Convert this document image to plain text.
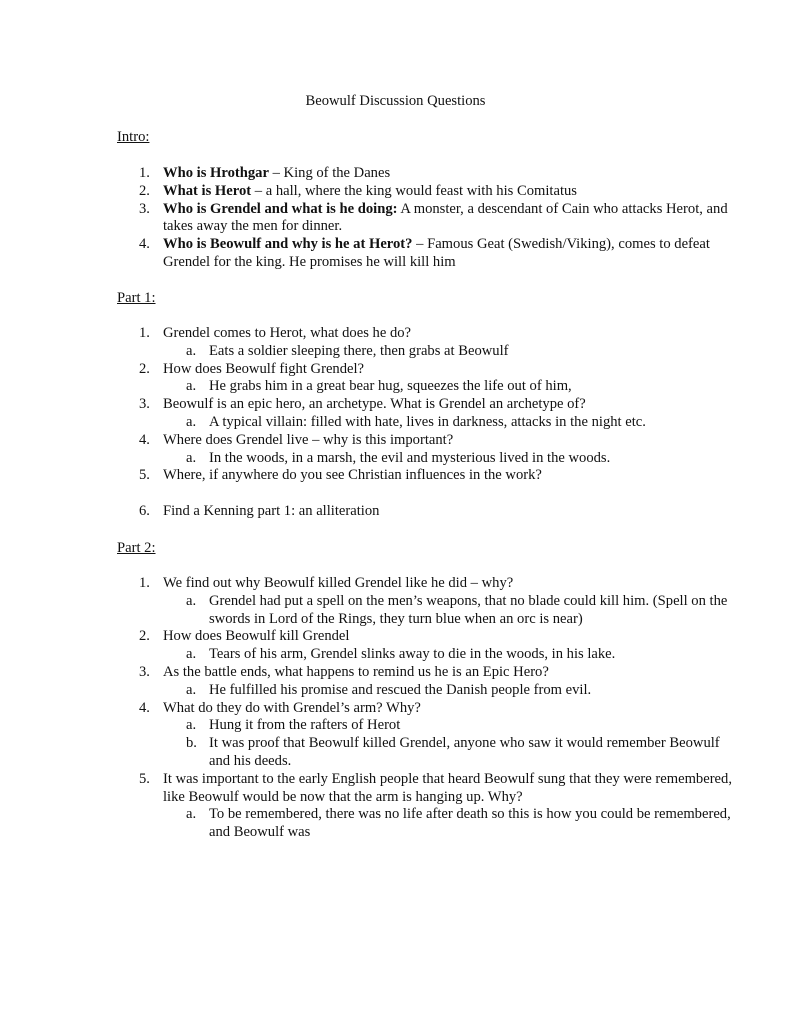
Beowulf Discussion Questions
Intro:
1. Who is Hrothgar – King of the Danes
2. What is Herot – a hall, where the king would feast with his Comitatus
3. Who is Grendel and what is he doing: A monster, a descendant of Cain who attacks Herot, and takes away the men for dinner.
4. Who is Beowulf and why is he at Herot? – Famous Geat (Swedish/Viking), comes to defeat Grendel for the king. He promises he will kill him
Part 1:
1. Grendel comes to Herot, what does he do?
a. Eats a soldier sleeping there, then grabs at Beowulf
2. How does Beowulf fight Grendel?
a. He grabs him in a great bear hug, squeezes the life out of him,
3. Beowulf is an epic hero, an archetype. What is Grendel an archetype of?
a. A typical villain: filled with hate, lives in darkness, attacks in the night etc.
4. Where does Grendel live – why is this important?
a. In the woods, in a marsh, the evil and mysterious lived in the woods.
5. Where, if anywhere do you see Christian influences in the work?
6. Find a Kenning part 1: an alliteration
Part 2:
1. We find out why Beowulf killed Grendel like he did – why?
a. Grendel had put a spell on the men’s weapons, that no blade could kill him. (Spell on the swords in Lord of the Rings, they turn blue when an orc is near)
2. How does Beowulf kill Grendel
a. Tears of his arm, Grendel slinks away to die in the woods, in his lake.
3. As the battle ends, what happens to remind us he is an Epic Hero?
a. He fulfilled his promise and rescued the Danish people from evil.
4. What do they do with Grendel’s arm? Why?
a. Hung it from the rafters of Herot
b. It was proof that Beowulf killed Grendel, anyone who saw it would remember Beowulf and his deeds.
5. It was important to the early English people that heard Beowulf sung that they were remembered, like Beowulf would be now that the arm is hanging up. Why?
a. To be remembered, there was no life after death so this is how you could be remembered, and Beowulf was
